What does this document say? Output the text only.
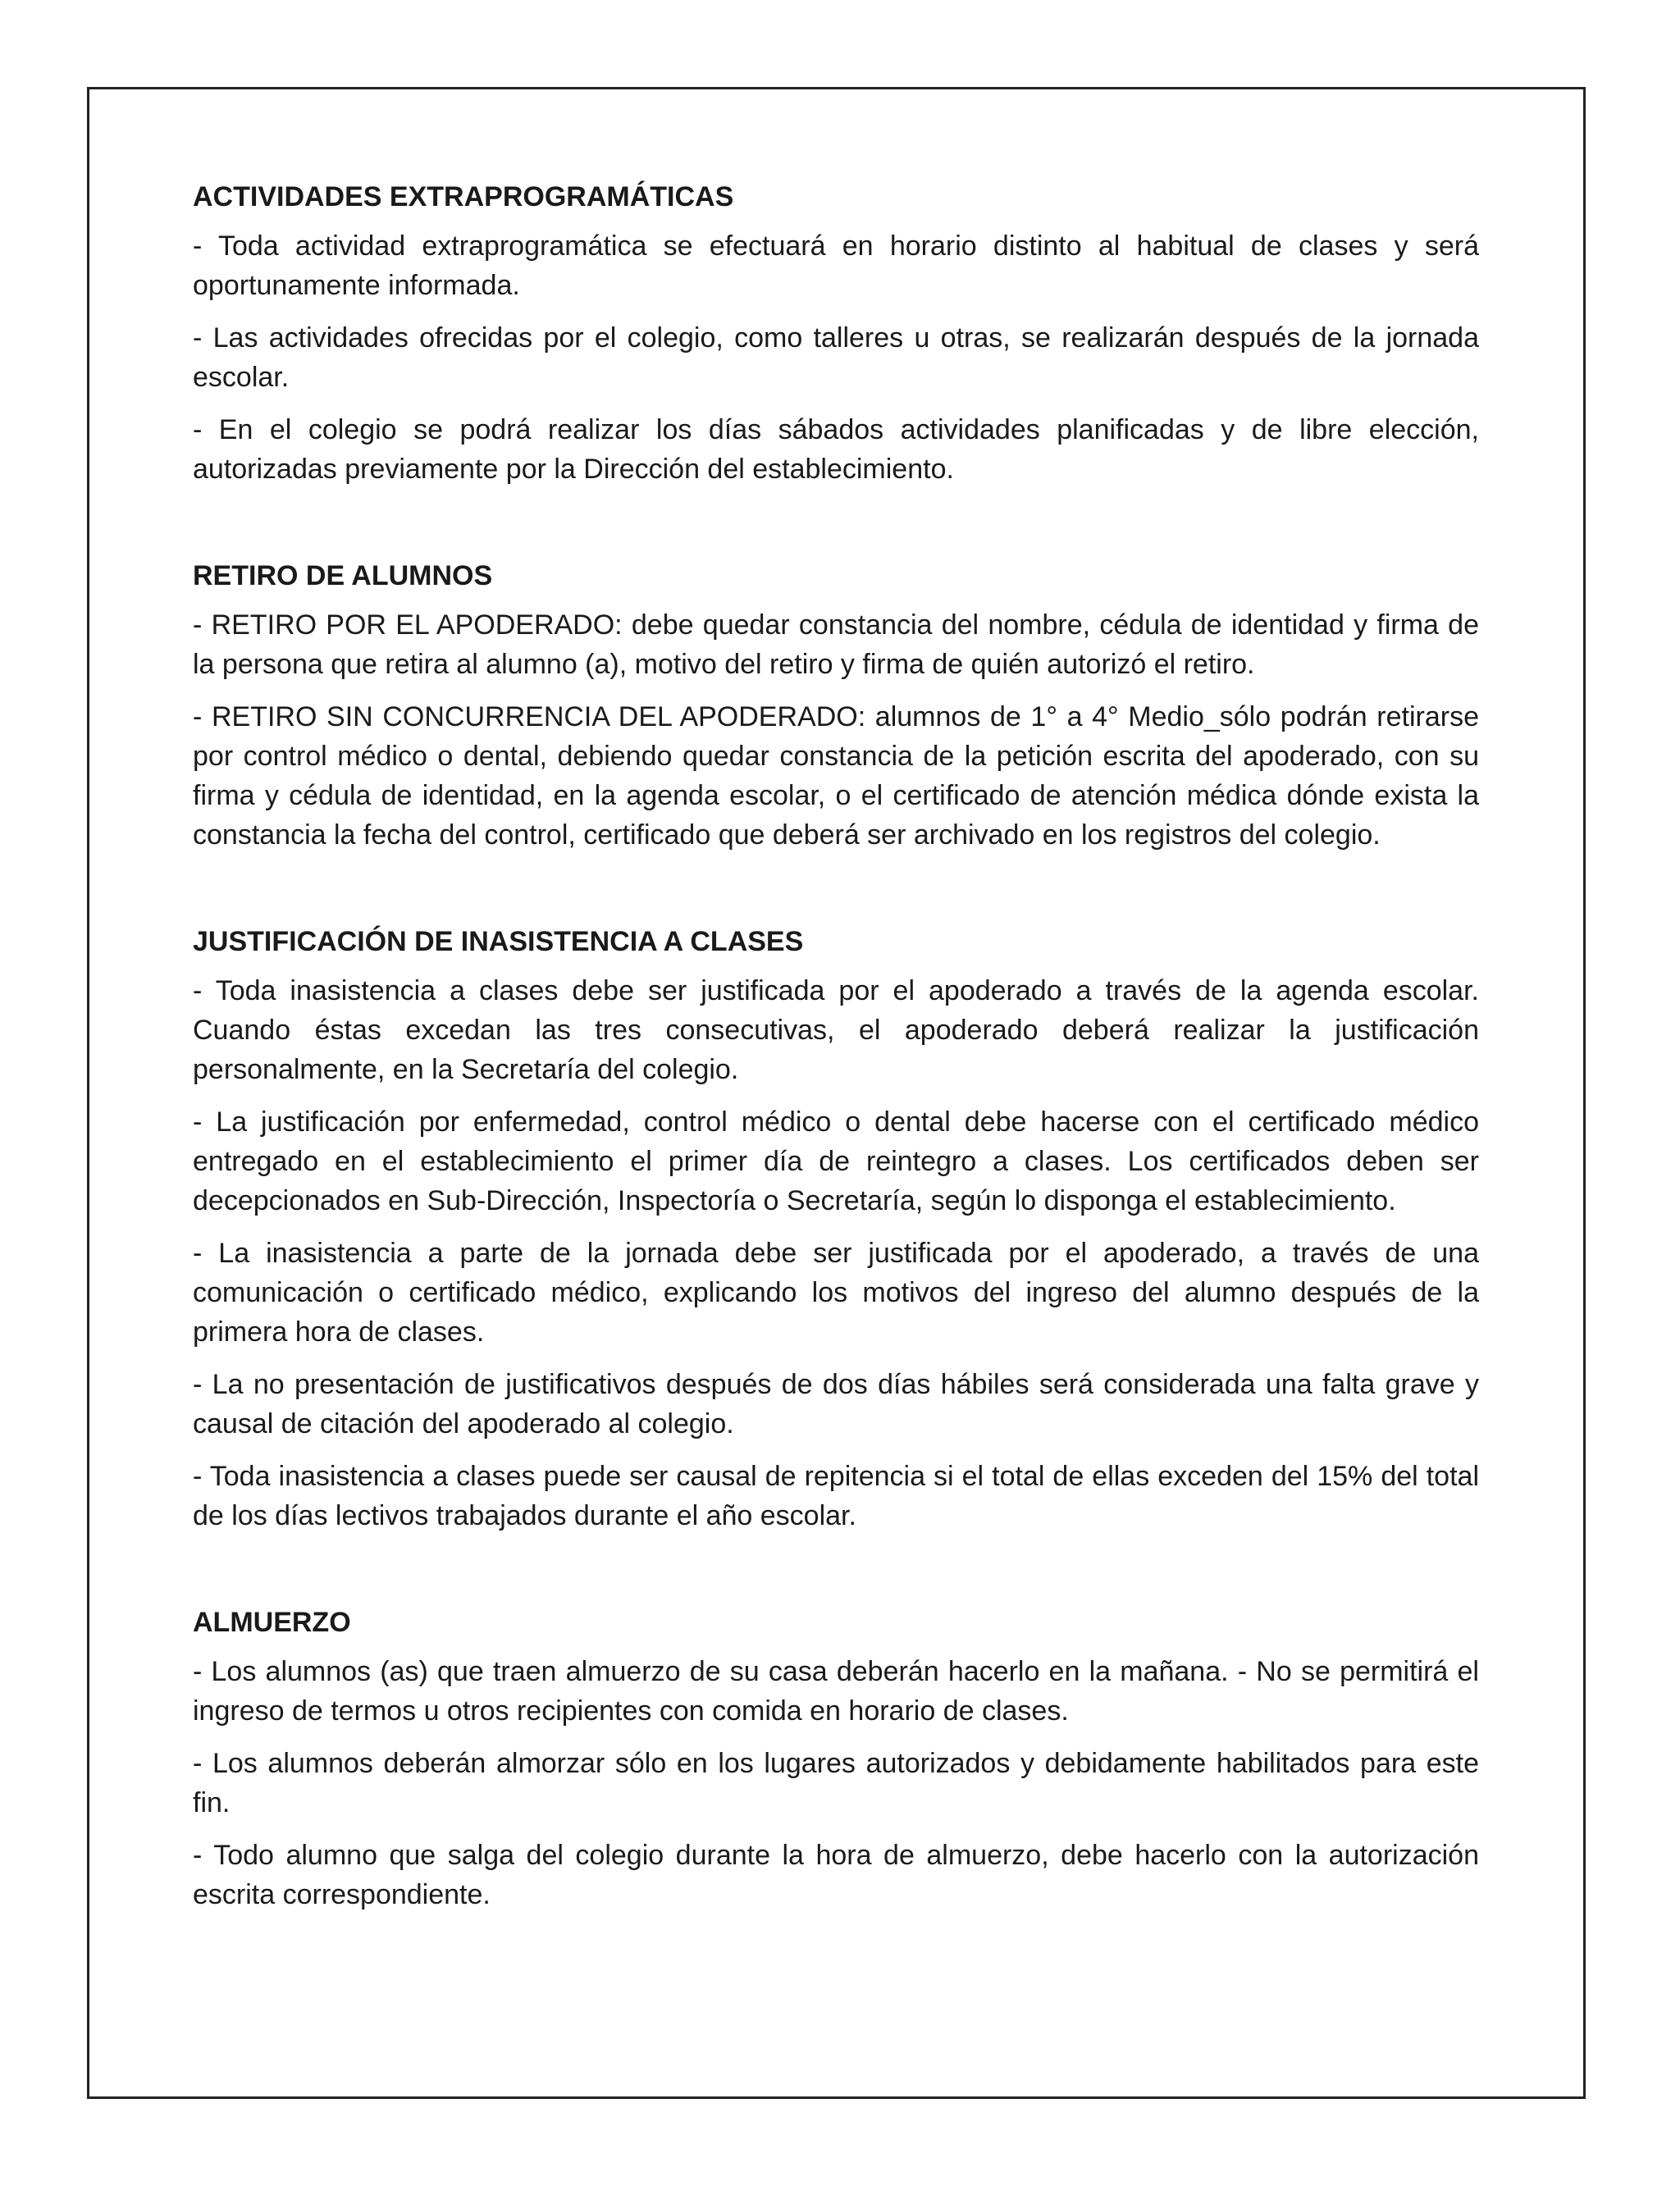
ACTIVIDADES EXTRAPROGRAMÁTICAS

- Toda actividad extraprogramática se efectuará en horario distinto al habitual de clases y será oportunamente informada.

- Las actividades ofrecidas por el colegio, como talleres u otras, se realizarán después de la jornada escolar.

- En el colegio se podrá realizar los días sábados actividades planificadas y de libre elección, autorizadas previamente por la Dirección del establecimiento.

RETIRO DE ALUMNOS

- RETIRO POR EL APODERADO: debe quedar constancia del nombre, cédula de identidad y firma de la persona que retira al alumno (a), motivo del retiro y firma de quién autorizó el retiro.

- RETIRO SIN CONCURRENCIA DEL APODERADO: alumnos de 1° a 4° Medio_sólo podrán retirarse por control médico o dental, debiendo quedar constancia de la petición escrita del apoderado, con su firma y cédula de identidad, en la agenda escolar, o el certificado de atención médica dónde exista la constancia la fecha del control, certificado que deberá ser archivado en los registros del colegio.

JUSTIFICACIÓN DE INASISTENCIA A CLASES

- Toda inasistencia a clases debe ser justificada por el apoderado a través de la agenda escolar. Cuando éstas excedan las tres consecutivas, el apoderado deberá realizar la justificación personalmente, en la Secretaría del colegio.

- La justificación por enfermedad, control médico o dental debe hacerse con el certificado médico entregado en el establecimiento el primer día de reintegro a clases. Los certificados deben ser decepcionados en Sub-Dirección, Inspectoría o Secretaría, según lo disponga el establecimiento.

- La inasistencia a parte de la jornada debe ser justificada por el apoderado, a través de una comunicación o certificado médico, explicando los motivos del ingreso del alumno después de la primera hora de clases.

- La no presentación de justificativos después de dos días hábiles será considerada una falta grave y causal de citación del apoderado al colegio.

- Toda inasistencia a clases puede ser causal de repitencia si el total de ellas exceden del 15% del total de los días lectivos trabajados durante el año escolar.

ALMUERZO

- Los alumnos (as) que traen almuerzo de su casa deberán hacerlo en la mañana. - No se permitirá el ingreso de termos u otros recipientes con comida en horario de clases.

- Los alumnos deberán almorzar sólo en los lugares autorizados y debidamente habilitados para este fin.

- Todo alumno que salga del colegio durante la hora de almuerzo, debe hacerlo con la autorización escrita correspondiente.
